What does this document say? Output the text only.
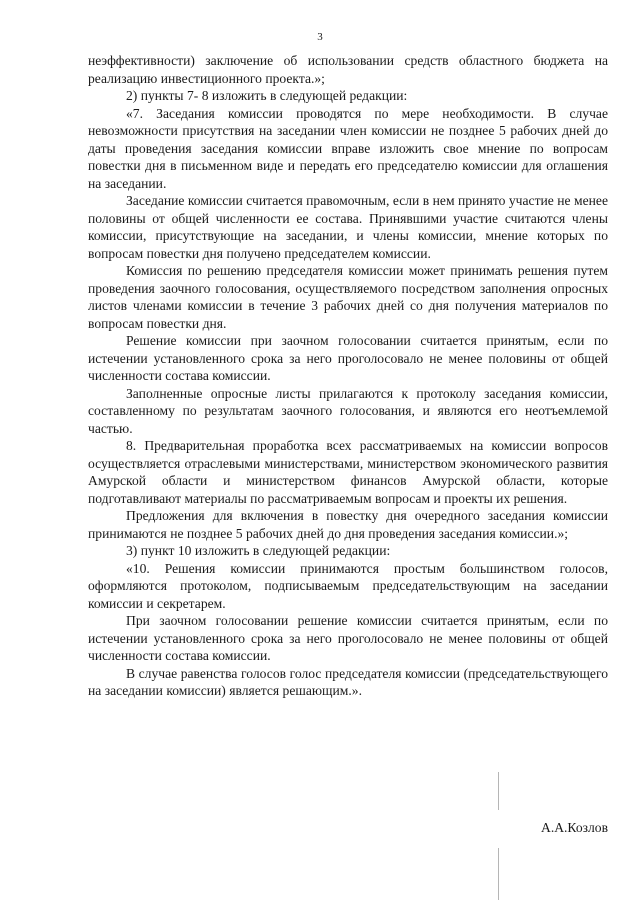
3

неэффективности) заключение об использовании средств областного бюджета на реализацию инвестиционного проекта.»;

2) пункты 7- 8 изложить в следующей редакции:

«7. Заседания комиссии проводятся по мере необходимости. В случае невозможности присутствия на заседании член комиссии не позднее 5 рабочих дней до даты проведения заседания комиссии вправе изложить свое мнение по вопросам повестки дня в письменном виде и передать его председателю комиссии для оглашения на заседании.

Заседание комиссии считается правомочным, если в нем принято участие не менее половины от общей численности ее состава. Принявшими участие считаются члены комиссии, присутствующие на заседании, и члены комиссии, мнение которых по вопросам повестки дня получено председателем комиссии.

Комиссия по решению председателя комиссии может принимать решения путем проведения заочного голосования, осуществляемого посредством заполнения опросных листов членами комиссии в течение 3 рабочих дней со дня получения материалов по вопросам повестки дня.

Решение комиссии при заочном голосовании считается принятым, если по истечении установленного срока за него проголосовало не менее половины от общей численности состава комиссии.

Заполненные опросные листы прилагаются к протоколу заседания комиссии, составленному по результатам заочного голосования, и являются его неотъемлемой частью.

8. Предварительная проработка всех рассматриваемых на комиссии вопросов осуществляется отраслевыми министерствами, министерством экономического развития Амурской области и министерством финансов Амурской области, которые подготавливают материалы по рассматриваемым вопросам и проекты их решения.

Предложения для включения в повестку дня очередного заседания комиссии принимаются не позднее 5 рабочих дней до дня проведения заседания комиссии.»;

3) пункт 10 изложить в следующей редакции:

«10. Решения комиссии принимаются простым большинством голосов, оформляются протоколом, подписываемым председательствующим на заседании комиссии и секретарем.

При заочном голосовании решение комиссии считается принятым, если по истечении установленного срока за него проголосовало не менее половины от общей численности состава комиссии.

В случае равенства голосов голос председателя комиссии (председательствующего на заседании комиссии) является решающим.».

А.А.Козлов
